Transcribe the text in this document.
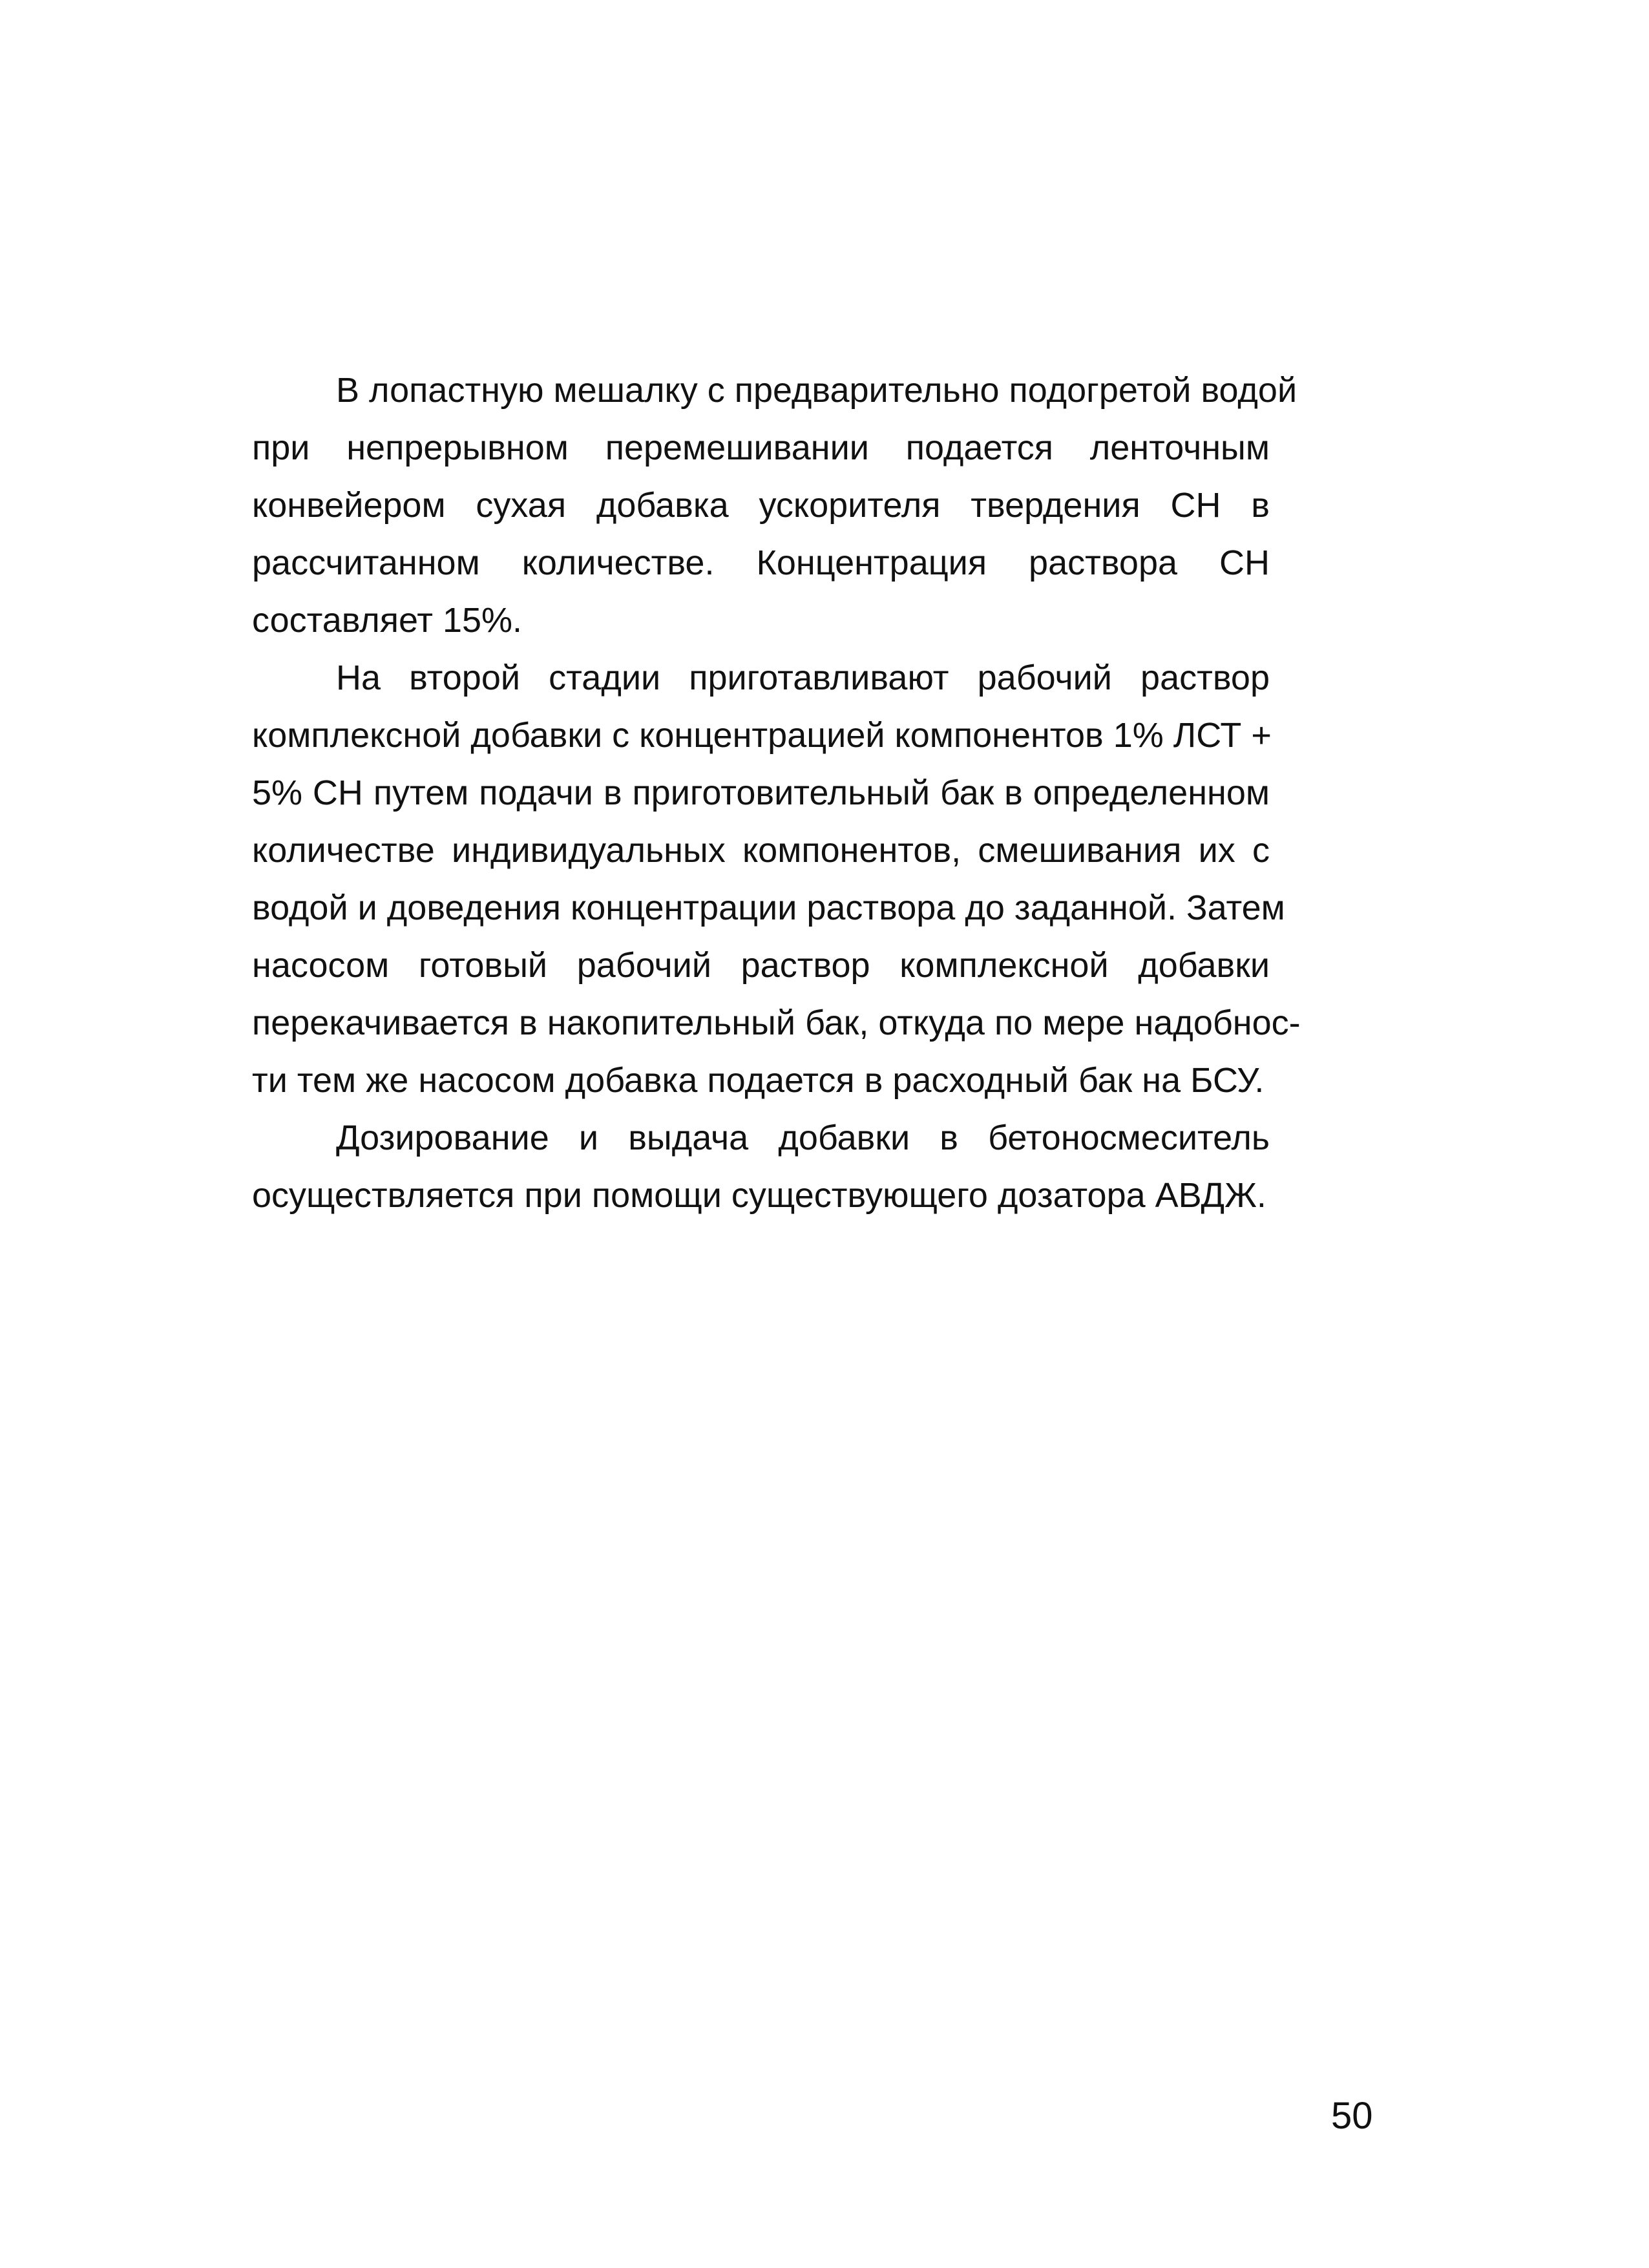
В лопастную мешалку с предварительно подогретой водой
при непрерывном перемешивании подается ленточным
конвейером сухая добавка ускорителя твердения СН в
рассчитанном количестве. Концентрация раствора СН
составляет 15%.
На второй стадии приготавливают рабочий раствор
комплексной добавки с концентрацией компонентов 1% ЛСТ +
5% СН путем подачи в приготовительный бак в определенном
количестве индивидуальных компонентов, смешивания их с
водой и доведения концентрации раствора до заданной. Затем
насосом готовый рабочий раствор комплексной добавки
перекачивается в накопительный бак, откуда по мере надобнос-
ти тем же насосом добавка подается в расходный бак на БСУ.
Дозирование и выдача добавки в бетоносмеситель
осуществляется при помощи существующего дозатора АВДЖ.
50
